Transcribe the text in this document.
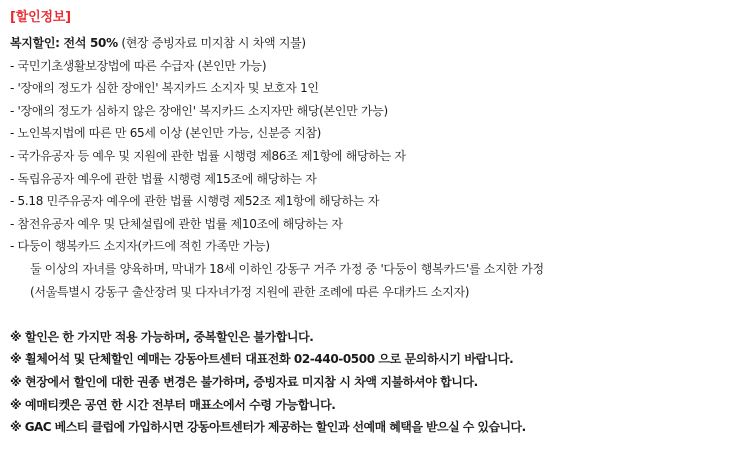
[할인정보]
복지할인: 전석 50% (현장 증빙자료 미지참 시 차액 지불)
- 국민기초생활보장법에 따른 수급자 (본인만 가능)
- '장애의 정도가 심한 장애인' 복지카드 소지자 및 보호자 1인
- '장애의 정도가 심하지 않은 장애인' 복지카드 소지자만 해당(본인만 가능)
- 노인복지법에 따른 만 65세 이상 (본인만 가능, 신분증 지참)
- 국가유공자 등 예우 및 지원에 관한 법률 시행령 제86조 제1항에 해당하는 자
- 독립유공자 예우에 관한 법률 시행령 제15조에 해당하는 자
- 5.18 민주유공자 예우에 관한 법률 시행령 제52조 제1항에 해당하는 자
- 참전유공자 예우 및 단체설립에 관한 법률 제10조에 해당하는 자
- 다둥이 행복카드 소지자(카드에 적힌 가족만 가능)
둘 이상의 자녀를 양육하며, 막내가 18세 이하인 강동구 거주 가정 중 '다둥이 행복카드'를 소지한 가정
(서울특별시 강동구 출산장려 및 다자녀가정 지원에 관한 조례에 따른 우대카드 소지자)
※ 할인은 한 가지만 적용 가능하며, 중복할인은 불가합니다.
※ 휠체어석 및 단체할인 예매는 강동아트센터 대표전화 02-440-0500 으로 문의하시기 바랍니다.
※ 현장에서 할인에 대한 권종 변경은 불가하며, 증빙자료 미지참 시 차액 지불하셔야 합니다.
※ 예매티켓은 공연 한 시간 전부터 매표소에서 수령 가능합니다.
※ GAC 베스티 클럽에 가입하시면 강동아트센터가 제공하는 할인과 선예매 혜택을 받으실 수 있습니다.
